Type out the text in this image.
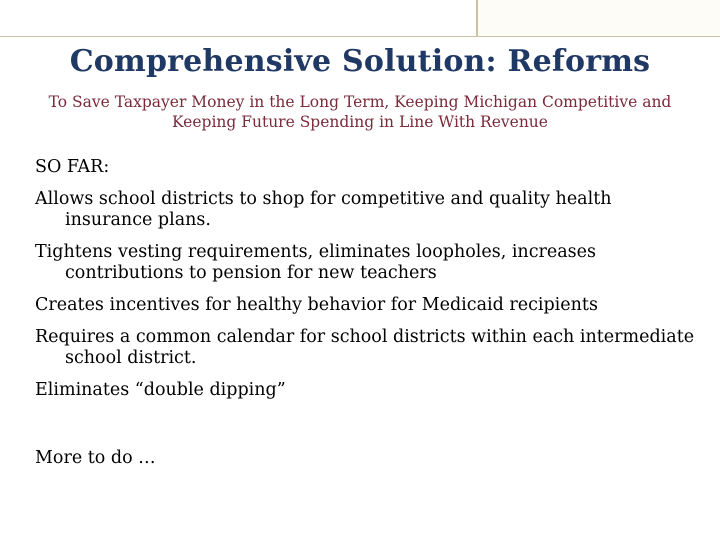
Comprehensive Solution: Reforms
To Save Taxpayer Money in the Long Term, Keeping Michigan Competitive and Keeping Future Spending in Line With Revenue

SO FAR:

Allows school districts to shop for competitive and quality health insurance plans.

Tightens vesting requirements, eliminates loopholes, increases contributions to pension for new teachers

Creates incentives for healthy behavior for Medicaid recipients

Requires a common calendar for school districts within each intermediate school district.

Eliminates “double dipping”

More to do …
